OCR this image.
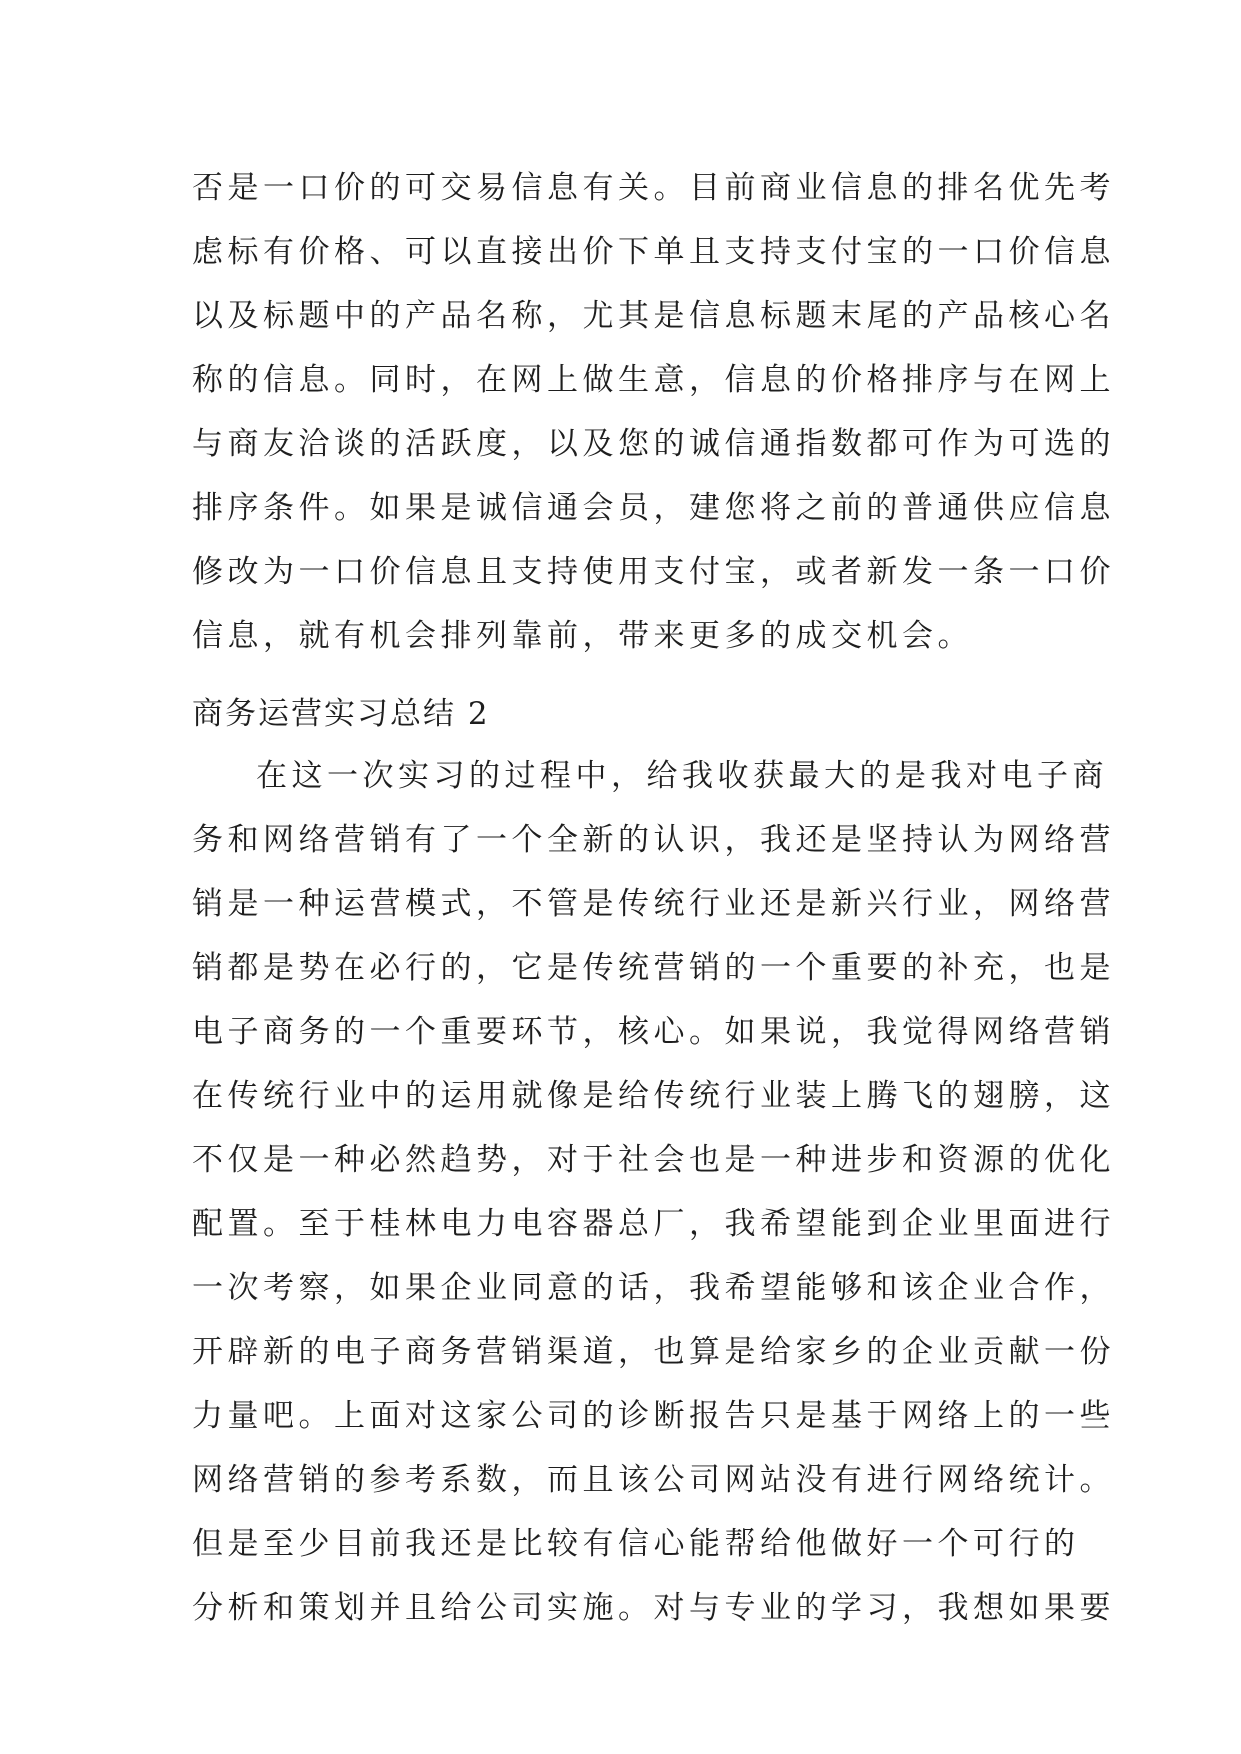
否是一口价的可交易信息有关。目前商业信息的排名优先考
虑标有价格、可以直接出价下单且支持支付宝的一口价信息
以及标题中的产品名称，尤其是信息标题末尾的产品核心名
称的信息。同时，在网上做生意，信息的价格排序与在网上
与商友洽谈的活跃度，以及您的诚信通指数都可作为可选的
排序条件。如果是诚信通会员，建您将之前的普通供应信息
修改为一口价信息且支持使用支付宝，或者新发一条一口价
信息，就有机会排列靠前，带来更多的成交机会。
商务运营实习总结 2
在这一次实习的过程中，给我收获最大的是我对电子商
务和网络营销有了一个全新的认识，我还是坚持认为网络营
销是一种运营模式，不管是传统行业还是新兴行业，网络营
销都是势在必行的，它是传统营销的一个重要的补充，也是
电子商务的一个重要环节，核心。如果说，我觉得网络营销
在传统行业中的运用就像是给传统行业装上腾飞的翅膀，这
不仅是一种必然趋势，对于社会也是一种进步和资源的优化
配置。至于桂林电力电容器总厂，我希望能到企业里面进行
一次考察，如果企业同意的话，我希望能够和该企业合作，
开辟新的电子商务营销渠道，也算是给家乡的企业贡献一份
力量吧。上面对这家公司的诊断报告只是基于网络上的一些
网络营销的参考系数，而且该公司网站没有进行网络统计。
但是至少目前我还是比较有信心能帮给他做好一个可行的
分析和策划并且给公司实施。对与专业的学习，我想如果要
